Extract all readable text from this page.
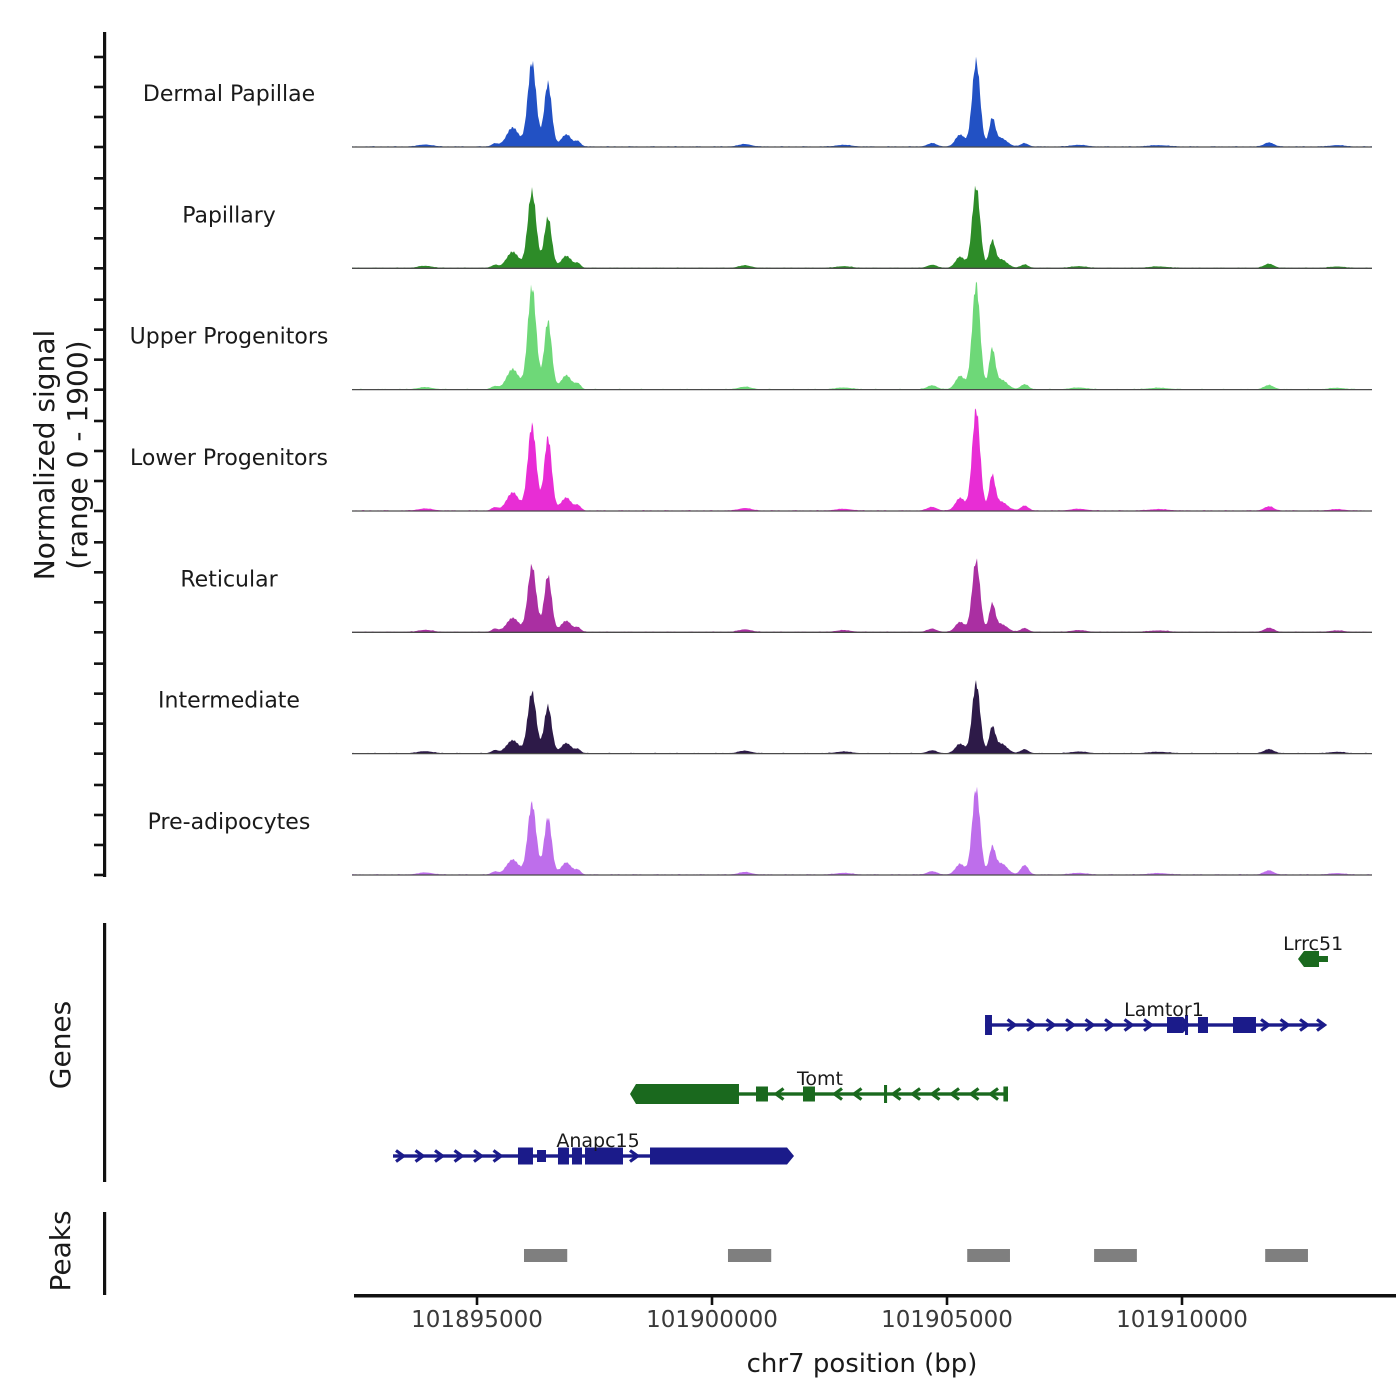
Dermal Papillae
Papillary
Upper Progenitors
Lower Progenitors
Reticular
Intermediate
Pre-adipocytes
Normalized signal (range 0 - 1900)
Lrrc51
Lamtor1
Tomt
Anapc15
Genes
Peaks
101895000	101900000	101905000	101910000
chr7 position (bp)
